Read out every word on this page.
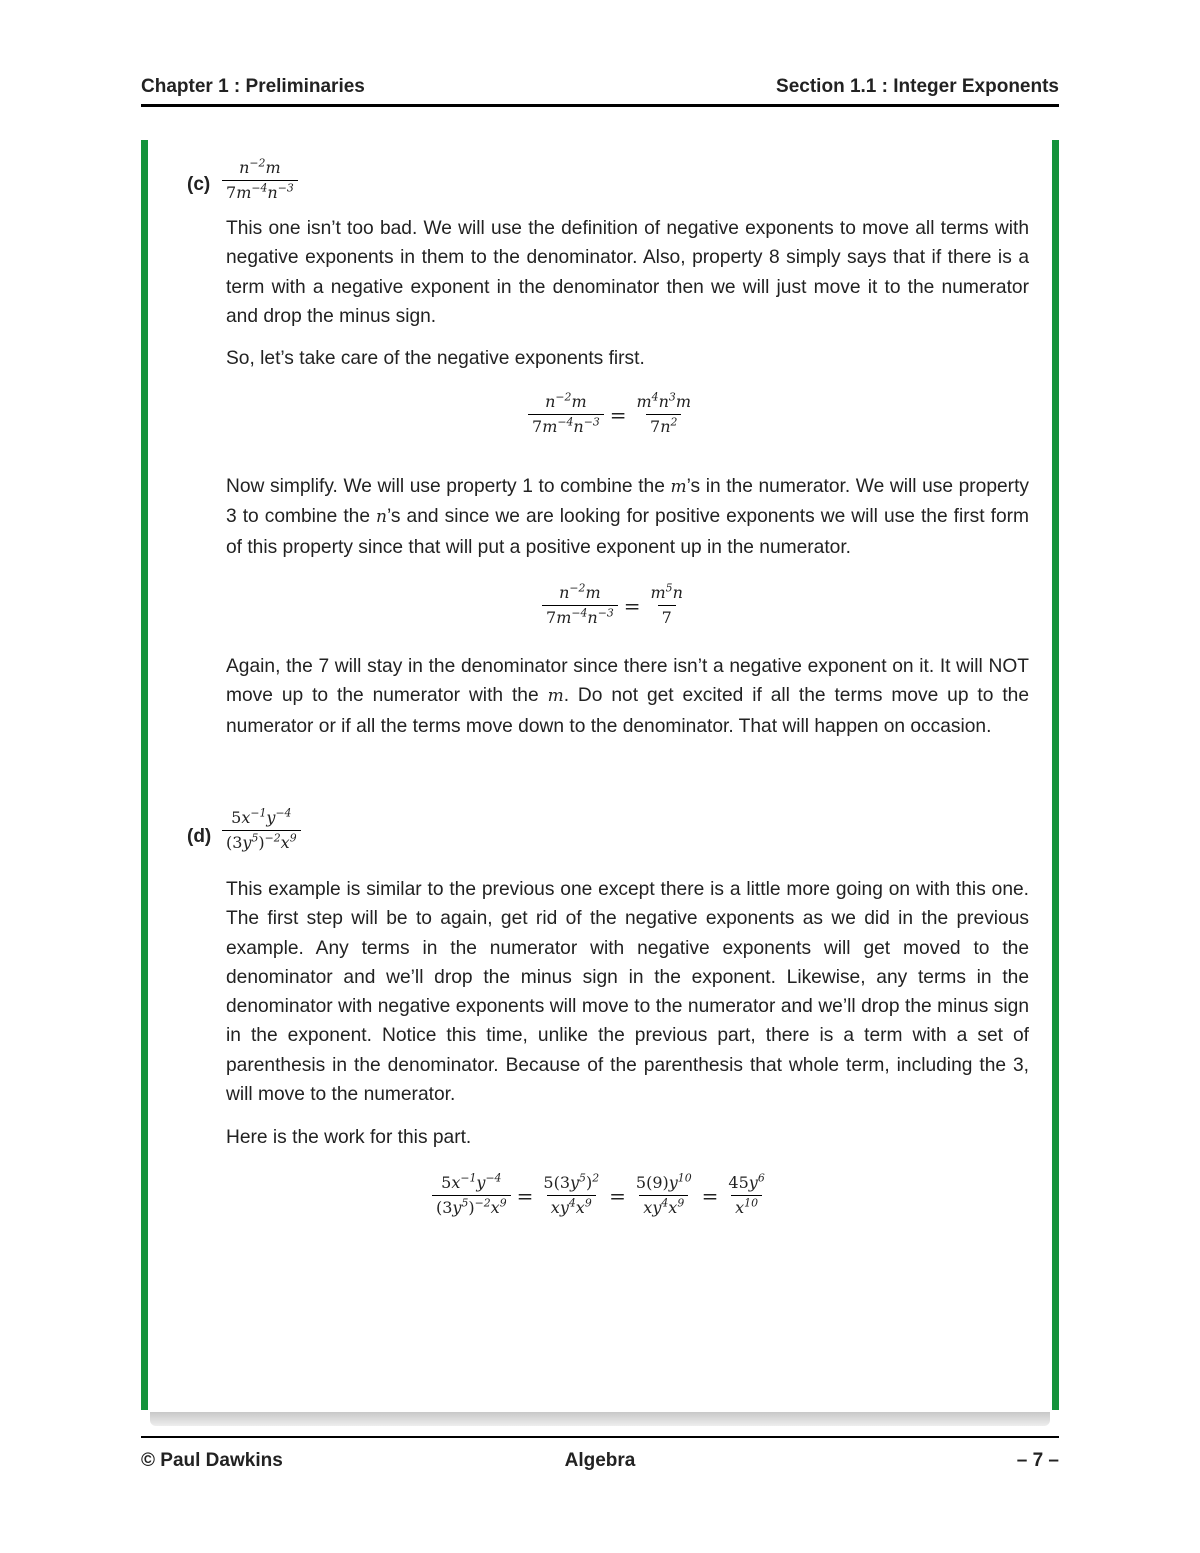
Chapter 1 : Preliminaries	Section 1.1 : Integer Exponents
$(c) \frac{n^{-2}m}{7m^{-4}n^{-3}}$

This one isn’t too bad. We will use the definition of negative exponents to move all terms with negative exponents in them to the denominator. Also, property 8 simply says that if there is a term with a negative exponent in the denominator then we will just move it to the numerator and drop the minus sign.

So, let’s take care of the negative exponents first.

$\frac{n^{-2}m}{7m^{-4}n^{-3}} = \frac{m^4n^3m}{7n^2}$

Now simplify. We will use property 1 to combine the m’s in the numerator. We will use property 3 to combine the n’s and since we are looking for positive exponents we will use the first form of this property since that will put a positive exponent up in the numerator.

$\frac{n^{-2}m}{7m^{-4}n^{-3}} = \frac{m^5n}{7}$

Again, the 7 will stay in the denominator since there isn’t a negative exponent on it. It will NOT move up to the numerator with the m. Do not get excited if all the terms move up to the numerator or if all the terms move down to the denominator. That will happen on occasion.

$(d) \frac{5x^{-1}y^{-4}}{(3y^5)^{-2}x^9}$

This example is similar to the previous one except there is a little more going on with this one. The first step will be to again, get rid of the negative exponents as we did in the previous example. Any terms in the numerator with negative exponents will get moved to the denominator and we’ll drop the minus sign in the exponent. Likewise, any terms in the denominator with negative exponents will move to the numerator and we’ll drop the minus sign in the exponent. Notice this time, unlike the previous part, there is a term with a set of parenthesis in the denominator. Because of the parenthesis that whole term, including the 3, will move to the numerator.

Here is the work for this part.

$\frac{5x^{-1}y^{-4}}{(3y^5)^{-2}x^9} = \frac{5(3y^5)^2}{xy^4x^9} = \frac{5(9)y^{10}}{xy^4x^9} = \frac{45y^6}{x^{10}}$
© Paul Dawkins	Algebra	– 7 –
